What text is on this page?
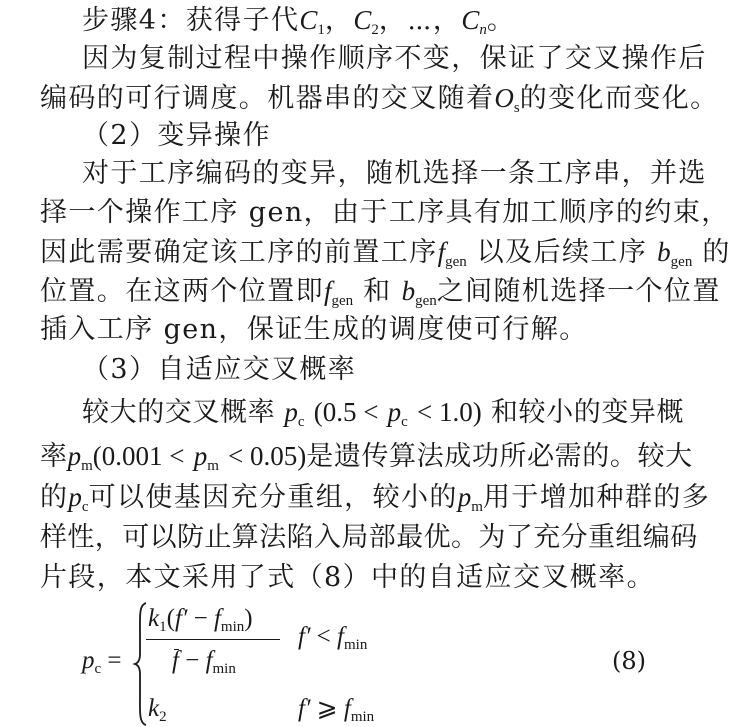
步骤4：获得子代$C_1$，$C_2$，⋯，$C_n$。
因为复制过程中操作顺序不变，保证了交叉操作后
编码的可行调度。机器串的交叉随着$O_s$的变化而变化。
（2）变异操作
对于工序编码的变异，随机选择一条工序串，并选
择一个操作工序 gen，由于工序具有加工顺序的约束，
因此需要确定该工序的前置工序$f_{gen}$ 以及后续工序 $b_{gen}$ 的
位置。在这两个位置即$f_{gen}$ 和 $b_{gen}$之间随机选择一个位置
插入工序 gen，保证生成的调度使可行解。
（3）自适应交叉概率
较大的交叉概率 $p_c$ $(0.5 < p_c < 1.0)$ 和较小的变异概
率$p_m(0.001 < p_m < 0.05)$是遗传算法成功所必需的。较大
的$p_c$可以使基因充分重组，较小的$p_m$用于增加种群的多
样性，可以防止算法陷入局部最优。为了充分重组编码
片段，本文采用了式（8）中的自适应交叉概率。
$p_c$ =
$k_1(f' - f_{min})$
$f - f_{min}$
$f' < f_{min}$
$k_2$	f′ ⩾ $f_{min}$
(8)
